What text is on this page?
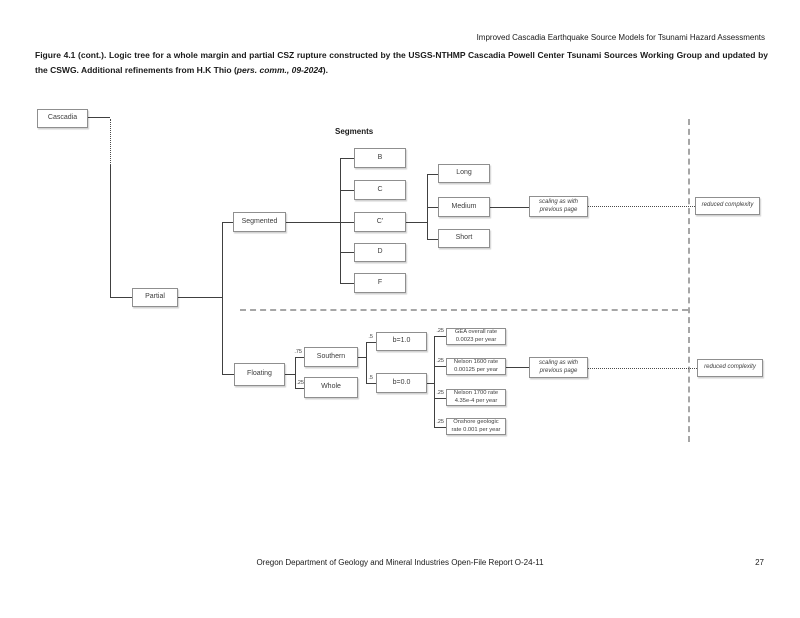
Improved Cascadia Earthquake Source Models for Tsunami Hazard Assessments

Figure 4.1 (cont.). Logic tree for a whole margin and partial CSZ rupture constructed by the USGS-NTHMP Cascadia Powell Center Tsunami Sources Working Group and updated by the CSWG. Additional refinements from H.K Thio (pers. comm., 09-2024).

Segments
Cascadia
Partial
Segmented
B
C
C'
D
F
Long
Medium
Short
scaling as with previous page
reduced complexity
Floating
Southern
Whole
b=1.0
b=0.0
GEA overall rate 0.0023 per year
Nelson 1600 rate 0.00125 per year
Nelson 1700 rate 4.35e-4 per year
Onshore geologic rate 0.001 per year
scaling as with previous page
reduced complexity
.75
.25
.5
.5
.25
.25
.25
.25
Oregon Department of Geology and Mineral Industries Open-File Report O-24-11	27
